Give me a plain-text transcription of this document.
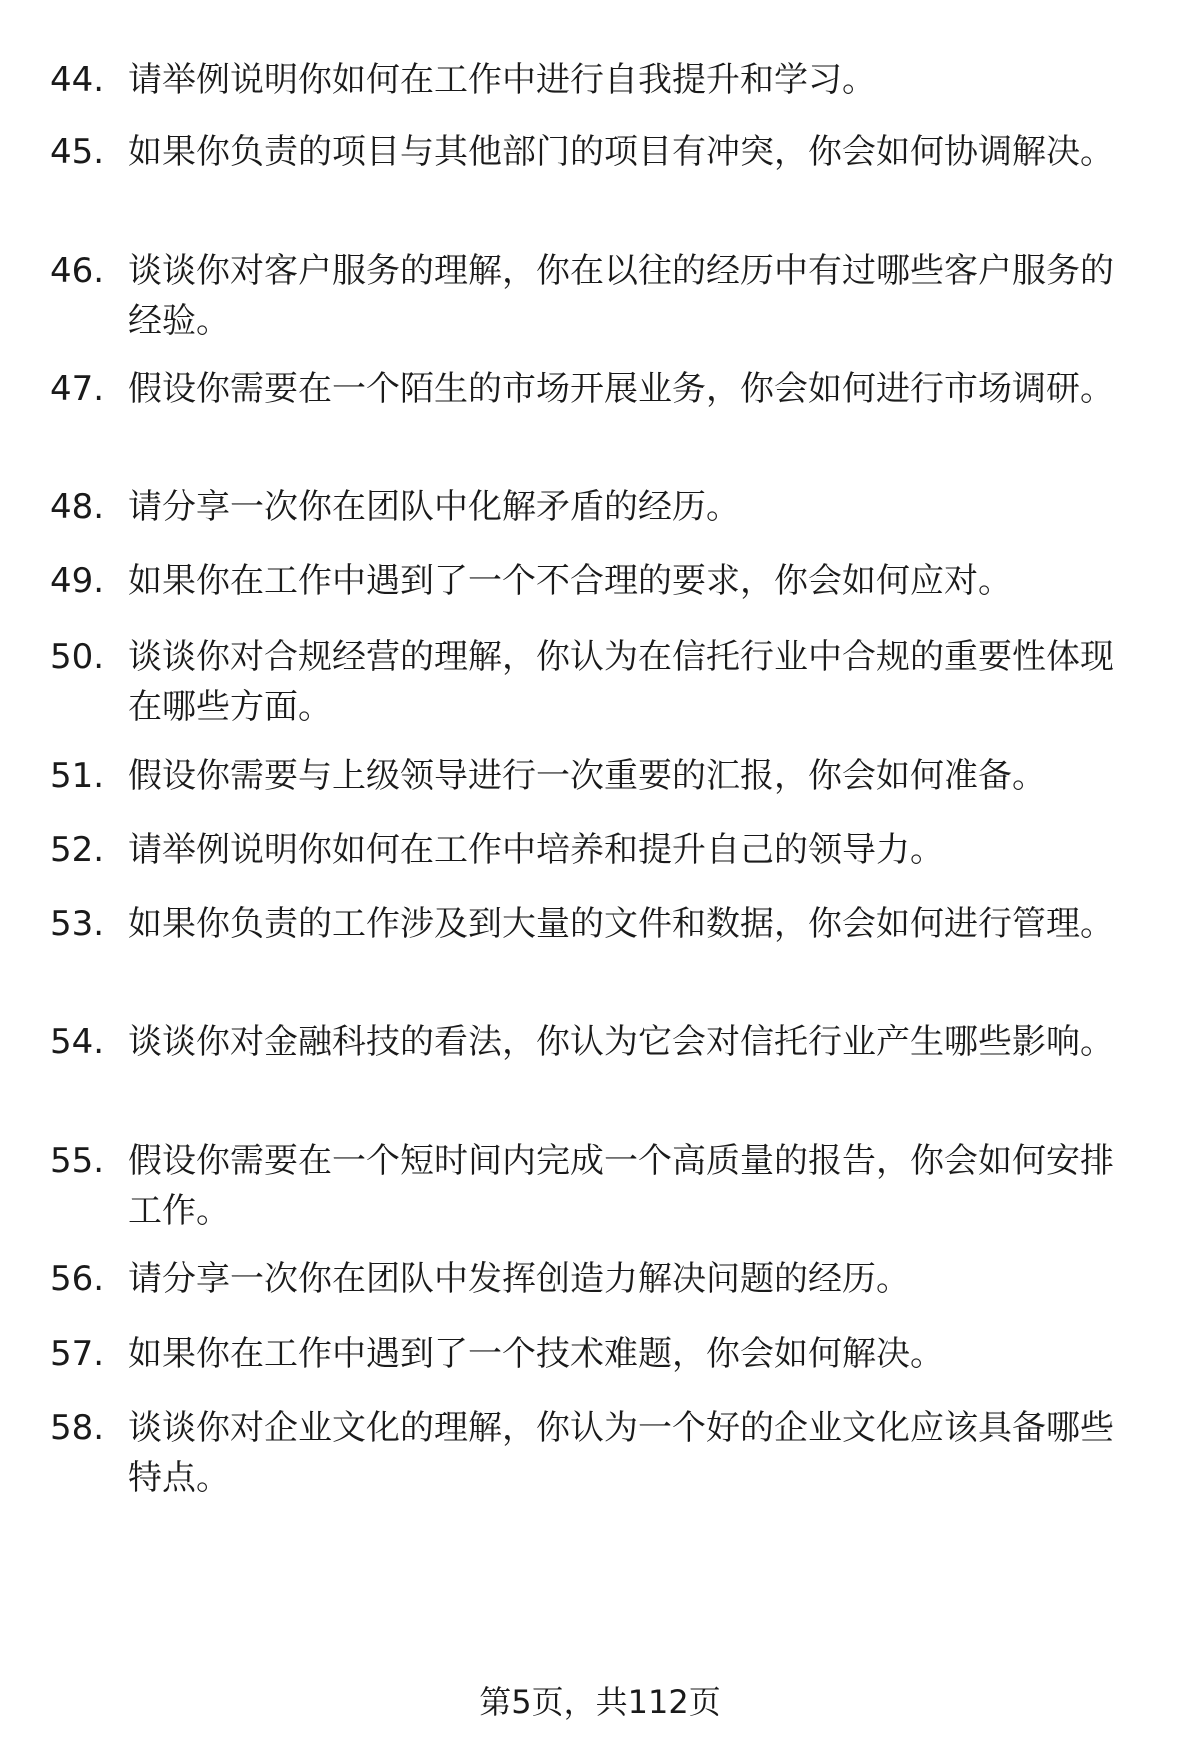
44. 请举例说明你如何在工作中进行自我提升和学习。
45. 如果你负责的项目与其他部门的项目有冲突，你会如何协调解决。
46. 谈谈你对客户服务的理解，你在以往的经历中有过哪些客户服务的经验。
47. 假设你需要在一个陌生的市场开展业务，你会如何进行市场调研。
48. 请分享一次你在团队中化解矛盾的经历。
49. 如果你在工作中遇到了一个不合理的要求，你会如何应对。
50. 谈谈你对合规经营的理解，你认为在信托行业中合规的重要性体现在哪些方面。
51. 假设你需要与上级领导进行一次重要的汇报，你会如何准备。
52. 请举例说明你如何在工作中培养和提升自己的领导力。
53. 如果你负责的工作涉及到大量的文件和数据，你会如何进行管理。
54. 谈谈你对金融科技的看法，你认为它会对信托行业产生哪些影响。
55. 假设你需要在一个短时间内完成一个高质量的报告，你会如何安排工作。
56. 请分享一次你在团队中发挥创造力解决问题的经历。
57. 如果你在工作中遇到了一个技术难题，你会如何解决。
58. 谈谈你对企业文化的理解，你认为一个好的企业文化应该具备哪些特点。
第5页，共112页
